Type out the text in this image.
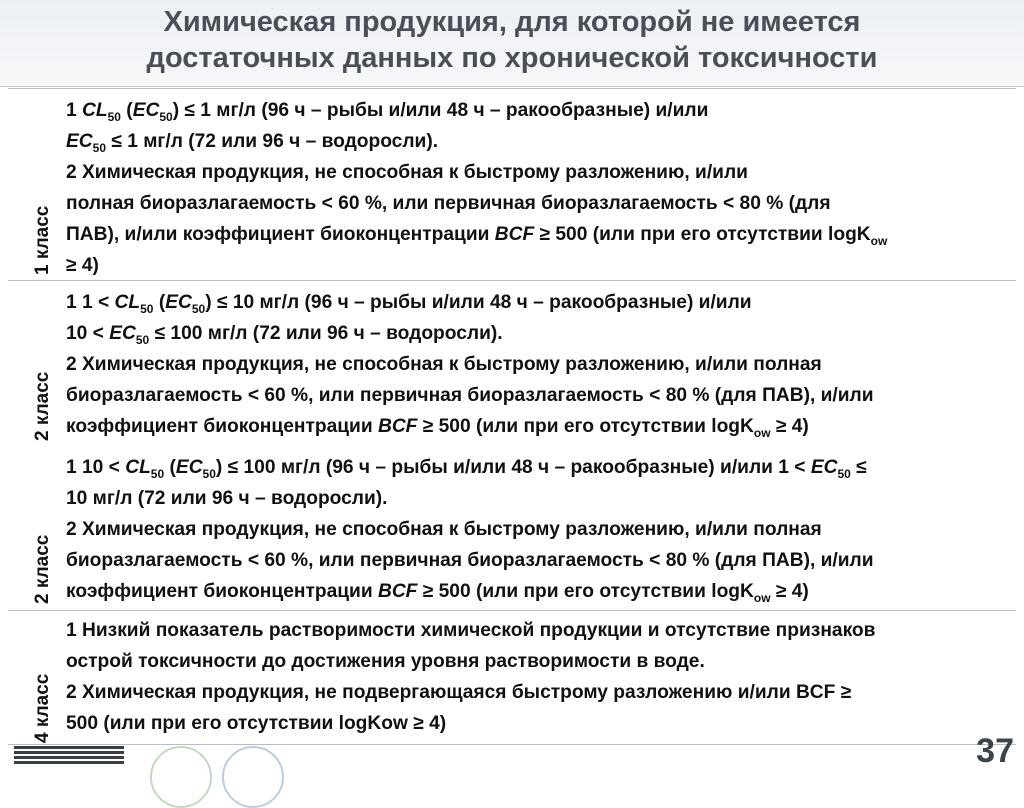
Химическая продукция, для которой не имеется
достаточных данных по хронической токсичности
1 класс

1 $CL_{50}$ $(EC_{50}) \le 1$ мг/л (96 ч – рыбы и/или 48 ч – ракообразные) и/или

$EC_{50} \le 1$ мг/л (72 или 96 ч – водоросли).

2 Химическая продукция, не способная к быстрому разложению, и/или

полная биоразлагаемость < 60 %, или первичная биоразлагаемость < 80 % (для

ПАВ), и/или коэффициент биоконцентрации BCF ≥ 500 (или при его отсутствии logK$_{ow}$

≥ 4)

2 класс

1 $1 < CL_{50}$ $(EC_{50}) \le 10$ мг/л (96 ч – рыбы и/или 48 ч – ракообразные) и/или

$10 < EC_{50} \le 100$ мг/л (72 или 96 ч – водоросли).

2 Химическая продукция, не способная к быстрому разложению, и/или полная

биоразлагаемость < 60 %, или первичная биоразлагаемость < 80 % (для ПАВ), и/или

коэффициент биоконцентрации BCF ≥ 500 (или при его отсутствии logK$_{ow}$ ≥ 4)

2 класс

1 $10 < CL_{50}$ $(EC_{50}) \le 100$ мг/л (96 ч – рыбы и/или 48 ч – ракообразные) и/или $1 < EC_{50}$ ≤

10 мг/л (72 или 96 ч – водоросли).

2 Химическая продукция, не способная к быстрому разложению, и/или полная

биоразлагаемость < 60 %, или первичная биоразлагаемость < 80 % (для ПАВ), и/или

коэффициент биоконцентрации BCF ≥ 500 (или при его отсутствии logK$_{ow}$ ≥ 4)

4 класс

1 Низкий показатель растворимости химической продукции и отсутствие признаков

острой токсичности до достижения уровня растворимости в воде.

2 Химическая продукция, не подвергающаяся быстрому разложению и/или BCF ≥

500 (или при его отсутствии logKow ≥ 4)

37
